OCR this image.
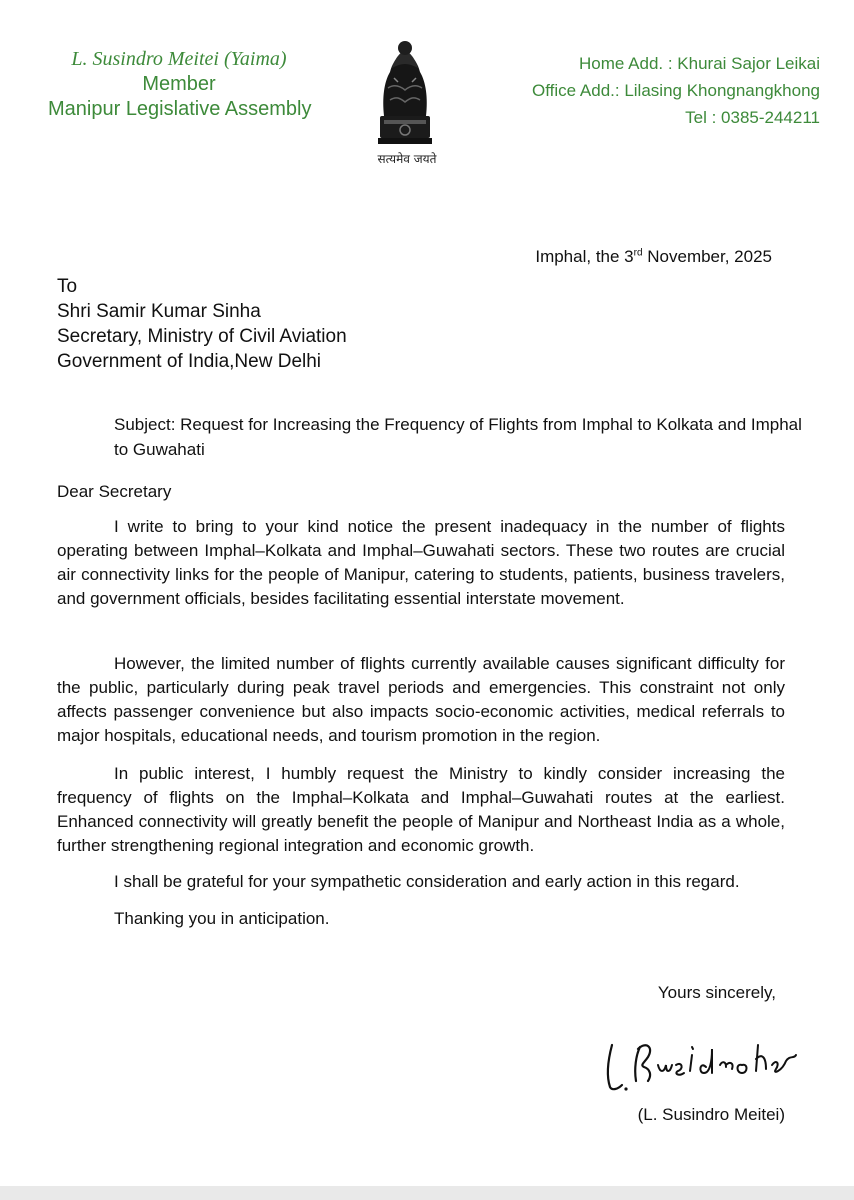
L. Susindro Meitei (Yaima)
Member
Manipur Legislative Assembly
सत्यमेव जयते
Home Add. : Khurai Sajor Leikai
Office Add.: Lilasing Khongnangkhong
Tel : 0385-244211
Imphal, the 3rd November, 2025
To
Shri Samir Kumar Sinha
Secretary, Ministry of Civil Aviation
Government of India,New Delhi
Subject: Request for Increasing the Frequency of Flights from Imphal to Kolkata and Imphal to Guwahati
Dear Secretary

I write to bring to your kind notice the present inadequacy in the number of flights operating between Imphal–Kolkata and Imphal–Guwahati sectors. These two routes are crucial air connectivity links for the people of Manipur, catering to students, patients, business travelers, and government officials, besides facilitating essential interstate movement.

However, the limited number of flights currently available causes significant difficulty for the public, particularly during peak travel periods and emergencies. This constraint not only affects passenger convenience but also impacts socio-economic activities, medical referrals to major hospitals, educational needs, and tourism promotion in the region.

In public interest, I humbly request the Ministry to kindly consider increasing the frequency of flights on the Imphal–Kolkata and Imphal–Guwahati routes at the earliest. Enhanced connectivity will greatly benefit the people of Manipur and Northeast India as a whole, further strengthening regional integration and economic growth.

I shall be grateful for your sympathetic consideration and early action in this regard.

Thanking you in anticipation.

Yours sincerely,
(L. Susindro Meitei)
